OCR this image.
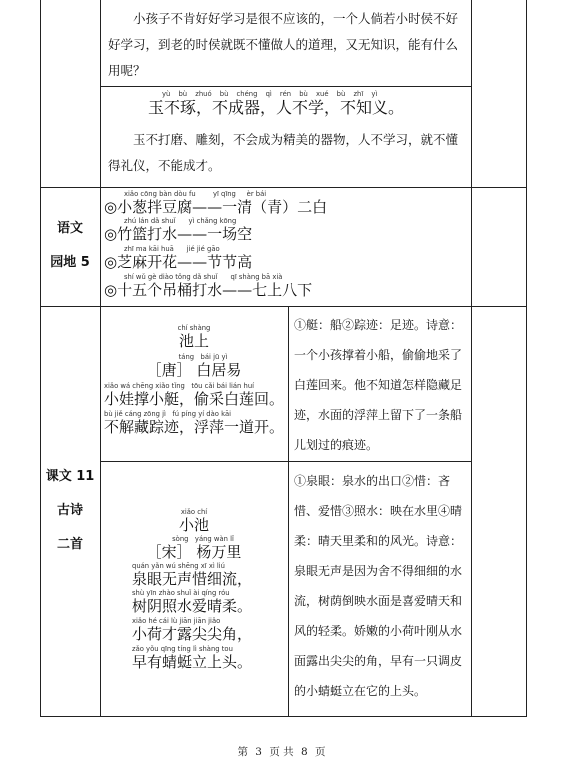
小孩子不肯好好学习是很不应该的，一个人倘若小时侯不好好学习，到老的时侯就既不懂做人的道理，又无知识，能有什么用呢？
yù bù zhuó bù chéng qì rén bù xué bù zhī yì
玉不琢，不成器，人不学，不知义。
玉不打磨、雕刻，不会成为精美的器物，人不学习，就不懂得礼仪，不能成才。
语文
园地 5
xiǎo cōng bàn dòu fu        yī qīng     èr bái
◎小葱拌豆腐——一清（青）二白
zhú lán dǎ shuǐ      yì chǎng kōng
◎竹篮打水——一场空
zhī ma kāi huā      jié jié gāo
◎芝麻开花——节节高
shí wǔ gè diào tǒng dǎ shuǐ      qī shàng bā xià
◎十五个吊桶打水——七上八下
课文 11
古诗
二首
chí shàng
池上
táng   bái jū yì
［唐］ 白居易
xiǎo wá chēng xiǎo tǐng   tōu cǎi bái lián huí
小娃撑小艇，偷采白莲回。
bù jiě cáng zōng jì   fú píng yí dào kāi
不解藏踪迹，浮萍一道开。
①艇：船②踪迹：足迹。诗意：一个小孩撑着小船，偷偷地采了白莲回来。他不知道怎样隐藏足迹，水面的浮萍上留下了一条船儿划过的痕迹。
xiǎo chí
小池
sòng   yáng wàn lǐ
［宋］ 杨万里
quán yǎn wú shēng xī xì liú
泉眼无声惜细流，
shù yīn zhào shuǐ ài qíng róu
树阴照水爱晴柔。
xiǎo hé cái lù jiān jiān jiǎo
小荷才露尖尖角，
zǎo yǒu qīng tíng lì shàng tou
早有蜻蜓立上头。
①泉眼：泉水的出口②惜：吝惜、爱惜③照水：映在水里④晴柔：晴天里柔和的风光。诗意：泉眼无声是因为舍不得细细的水流，树荫倒映水面是喜爱晴天和风的轻柔。娇嫩的小荷叶刚从水面露出尖尖的角，早有一只调皮的小蜻蜓立在它的上头。
第 3 页 共 8 页
